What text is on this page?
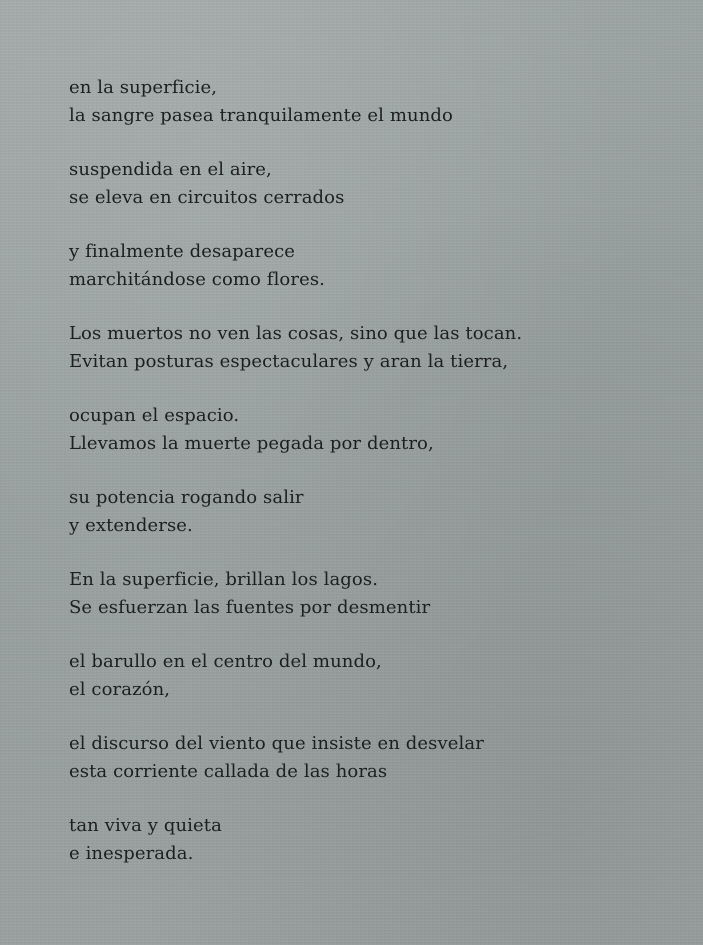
en la superficie,
la sangre pasea tranquilamente el mundo
suspendida en el aire,
se eleva en circuitos cerrados
y finalmente desaparece
marchitándose como flores.
Los muertos no ven las cosas, sino que las tocan.
Evitan posturas espectaculares y aran la tierra,
ocupan el espacio.
Llevamos la muerte pegada por dentro,
su potencia rogando salir
y extenderse.
En la superficie, brillan los lagos.
Se esfuerzan las fuentes por desmentir
el barullo en el centro del mundo,
el corazón,
el discurso del viento que insiste en desvelar
esta corriente callada de las horas
tan viva y quieta
e inesperada.
